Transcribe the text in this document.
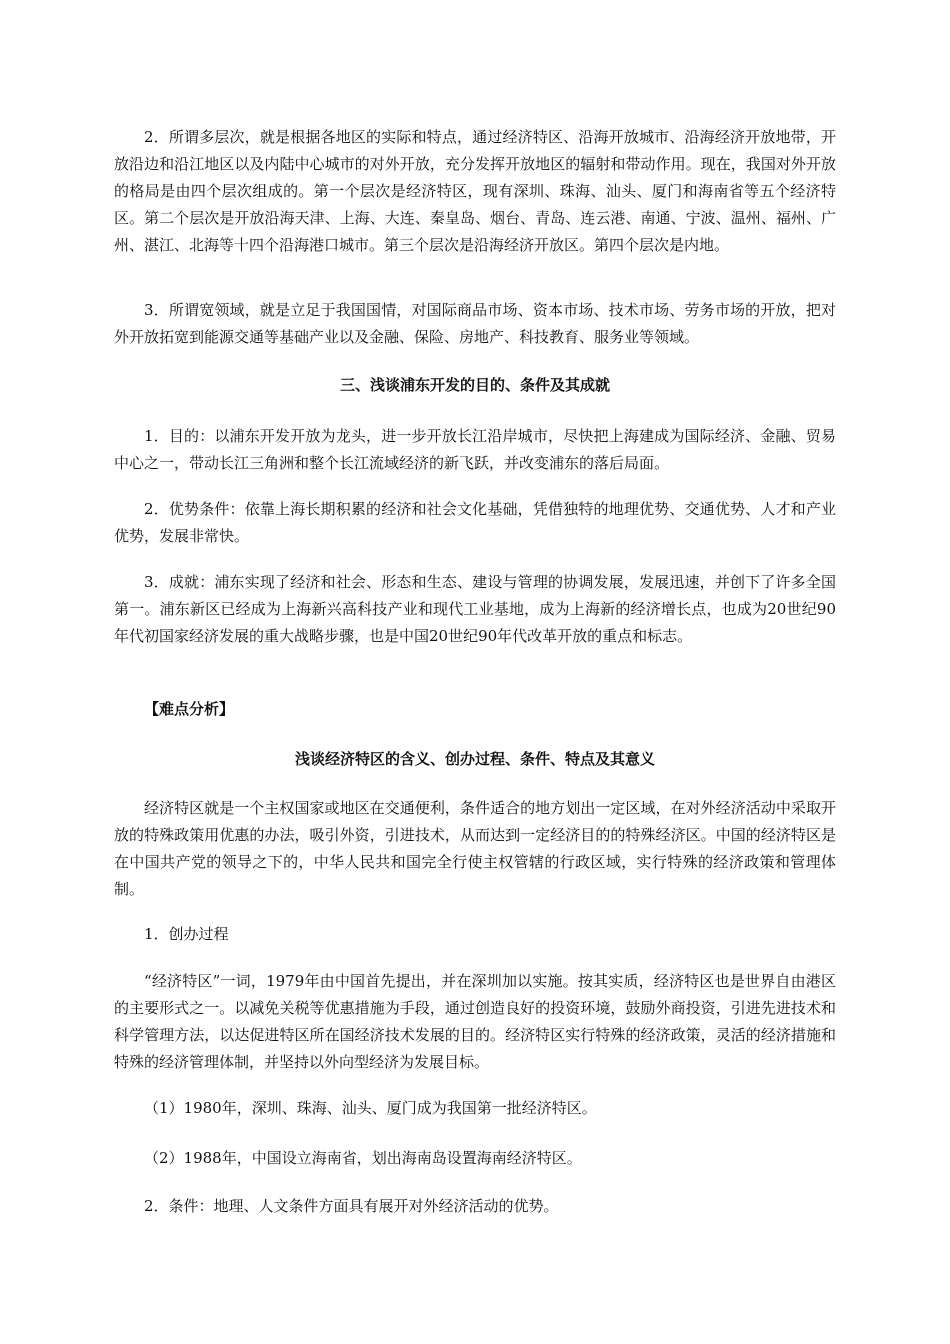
2．所谓多层次，就是根据各地区的实际和特点，通过经济特区、沿海开放城市、沿海经济开放地带，开放沿边和沿江地区以及内陆中心城市的对外开放，充分发挥开放地区的辐射和带动作用。现在，我国对外开放的格局是由四个层次组成的。第一个层次是经济特区，现有深圳、珠海、汕头、厦门和海南省等五个经济特区。第二个层次是开放沿海天津、上海、大连、秦皇岛、烟台、青岛、连云港、南通、宁波、温州、福州、广州、湛江、北海等十四个沿海港口城市。第三个层次是沿海经济开放区。第四个层次是内地。

3．所谓宽领域，就是立足于我国国情，对国际商品市场、资本市场、技术市场、劳务市场的开放，把对外开放拓宽到能源交通等基础产业以及金融、保险、房地产、科技教育、服务业等领域。

三、浅谈浦东开发的目的、条件及其成就

1．目的：以浦东开发开放为龙头，进一步开放长江沿岸城市，尽快把上海建成为国际经济、金融、贸易中心之一，带动长江三角洲和整个长江流域经济的新飞跃，并改变浦东的落后局面。

2．优势条件：依靠上海长期积累的经济和社会文化基础，凭借独特的地理优势、交通优势、人才和产业优势，发展非常快。

3．成就：浦东实现了经济和社会、形态和生态、建设与管理的协调发展，发展迅速，并创下了许多全国第一。浦东新区已经成为上海新兴高科技产业和现代工业基地，成为上海新的经济增长点，也成为20世纪90年代初国家经济发展的重大战略步骤，也是中国20世纪90年代改革开放的重点和标志。

【难点分析】

浅谈经济特区的含义、创办过程、条件、特点及其意义

经济特区就是一个主权国家或地区在交通便利，条件适合的地方划出一定区域，在对外经济活动中采取开放的特殊政策用优惠的办法，吸引外资，引进技术，从而达到一定经济目的的特殊经济区。中国的经济特区是在中国共产党的领导之下的，中华人民共和国完全行使主权管辖的行政区域，实行特殊的经济政策和管理体制。

1．创办过程

“经济特区”一词，1979年由中国首先提出，并在深圳加以实施。按其实质，经济特区也是世界自由港区的主要形式之一。以减免关税等优惠措施为手段，通过创造良好的投资环境，鼓励外商投资，引进先进技术和科学管理方法，以达促进特区所在国经济技术发展的目的。经济特区实行特殊的经济政策，灵活的经济措施和特殊的经济管理体制，并坚持以外向型经济为发展目标。

（1）1980年，深圳、珠海、汕头、厦门成为我国第一批经济特区。

（2）1988年，中国设立海南省，划出海南岛设置海南经济特区。

2．条件：地理、人文条件方面具有展开对外经济活动的优势。
